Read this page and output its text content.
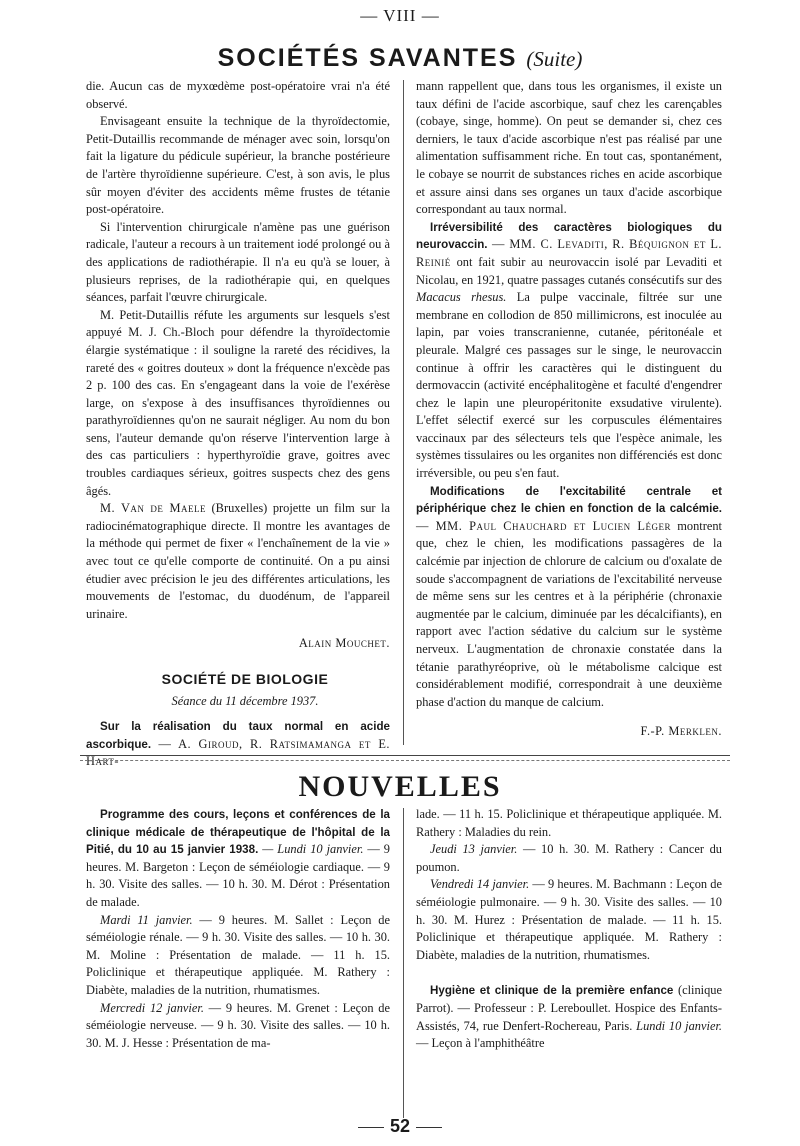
— VIII —
SOCIÉTÉS SAVANTES (Suite)

die. Aucun cas de myxœdème post-opératoire vrai n'a été observé.

Envisageant ensuite la technique de la thyroïdectomie, Petit-Dutaillis recommande de ménager avec soin, lorsqu'on fait la ligature du pédicule supérieur, la branche postérieure de l'artère thyroïdienne supérieure. C'est, à son avis, le plus sûr moyen d'éviter des accidents même frustes de tétanie post-opératoire.

Si l'intervention chirurgicale n'amène pas une guérison radicale, l'auteur a recours à un traitement iodé prolongé ou à des applications de radiothérapie. Il n'a eu qu'à se louer, à plusieurs reprises, de la radiothérapie qui, en quelques séances, parfait l'œuvre chirurgicale.

M. Petit-Dutaillis réfute les arguments sur lesquels s'est appuyé M. J. Ch.-Bloch pour défendre la thyroïdectomie élargie systématique : il souligne la rareté des récidives, la rareté des « goitres douteux » dont la fréquence n'excède pas 2 p. 100 des cas. En s'engageant dans la voie de l'exérèse large, on s'expose à des insuffisances thyroïdiennes ou parathyroïdiennes qu'on ne saurait négliger. Au nom du bon sens, l'auteur demande qu'on réserve l'intervention large à des cas particuliers : hyperthyroïdie grave, goitres avec troubles cardiaques sérieux, goitres suspects chez des gens âgés.

M. Van de Maele (Bruxelles) projette un film sur la radiocinématographique directe. Il montre les avantages de la méthode qui permet de fixer « l'enchaînement de la vie » avec tout ce qu'elle comporte de continuité. On a pu ainsi étudier avec précision le jeu des différentes articulations, les mouvements de l'estomac, du duodénum, de l'appareil urinaire.

Alain Mouchet.

SOCIÉTÉ DE BIOLOGIE

Séance du 11 décembre 1937.

Sur la réalisation du taux normal en acide ascorbique. — A. Giroud, R. Ratsimamanga et E. Hart-

mann rappellent que, dans tous les organismes, il existe un taux défini de l'acide ascorbique, sauf chez les carençables (cobaye, singe, homme). On peut se demander si, chez ces derniers, le taux d'acide ascorbique n'est pas réalisé par une alimentation suffisamment riche. En tout cas, spontanément, le cobaye se nourrit de substances riches en acide ascorbique et assure ainsi dans ses organes un taux d'acide ascorbique correspondant au taux normal.

Irréversibilité des caractères biologiques du neurovaccin. — MM. C. Levaditi, R. Béquignon et L. Reinié ont fait subir au neurovaccin isolé par Levaditi et Nicolau, en 1921, quatre passages cutanés consécutifs sur des Macacus rhesus. La pulpe vaccinale, filtrée sur une membrane en collodion de 850 millimicrons, est inoculée au lapin, par voies transcranienne, cutanée, péritonéale et pleurale. Malgré ces passages sur le singe, le neurovaccin continue à offrir les caractères qui le distinguent du dermovaccin (activité encéphalitogène et faculté d'engendrer chez le lapin une pleuropéritonite exsudative virulente). L'effet sélectif exercé sur les corpuscules élémentaires vaccinaux par des sélecteurs tels que l'espèce animale, les systèmes tissulaires ou les organites non différenciés est donc irréversible, ou peu s'en faut.

Modifications de l'excitabilité centrale et périphérique chez le chien en fonction de la calcémie. — MM. Paul Chauchard et Lucien Léger montrent que, chez le chien, les modifications passagères de la calcémie par injection de chlorure de calcium ou d'oxalate de soude s'accompagnent de variations de l'excitabilité nerveuse de même sens sur les centres et à la périphérie (chronaxie augmentée par le calcium, diminuée par les décalcifiants), en rapport avec l'action sédative du calcium sur le système nerveux. L'augmentation de chronaxie constatée dans la tétanie parathyréoprive, où le métabolisme calcique est considérablement modifié, correspondrait à une deuxième phase d'action du manque de calcium.

F.-P. Merklen.

NOUVELLES

Programme des cours, leçons et conférences de la clinique médicale de thérapeutique de l'hôpital de la Pitié, du 10 au 15 janvier 1938. — Lundi 10 janvier. — 9 heures. M. Bargeton : Leçon de séméiologie cardiaque. — 9 h. 30. Visite des salles. — 10 h. 30. M. Dérot : Présentation de malade.

Mardi 11 janvier. — 9 heures. M. Sallet : Leçon de séméiologie rénale. — 9 h. 30. Visite des salles. — 10 h. 30. M. Moline : Présentation de malade. — 11 h. 15. Policlinique et thérapeutique appliquée. M. Rathery : Diabète, maladies de la nutrition, rhumatismes.

Mercredi 12 janvier. — 9 heures. M. Grenet : Leçon de séméiologie nerveuse. — 9 h. 30. Visite des salles. — 10 h. 30. M. J. Hesse : Présentation de ma-

lade. — 11 h. 15. Policlinique et thérapeutique appliquée. M. Rathery : Maladies du rein.

Jeudi 13 janvier. — 10 h. 30. M. Rathery : Cancer du poumon.

Vendredi 14 janvier. — 9 heures. M. Bachmann : Leçon de séméiologie pulmonaire. — 9 h. 30. Visite des salles. — 10 h. 30. M. Hurez : Présentation de malade. — 11 h. 15. Policlinique et thérapeutique appliquée. M. Rathery : Diabète, maladies de la nutrition, rhumatismes.

Hygiène et clinique de la première enfance (clinique Parrot). — Professeur : P. Lereboullet. Hospice des Enfants-Assistés, 74, rue Denfert-Rochereau, Paris. Lundi 10 janvier. — Leçon à l'amphithéâtre

52
